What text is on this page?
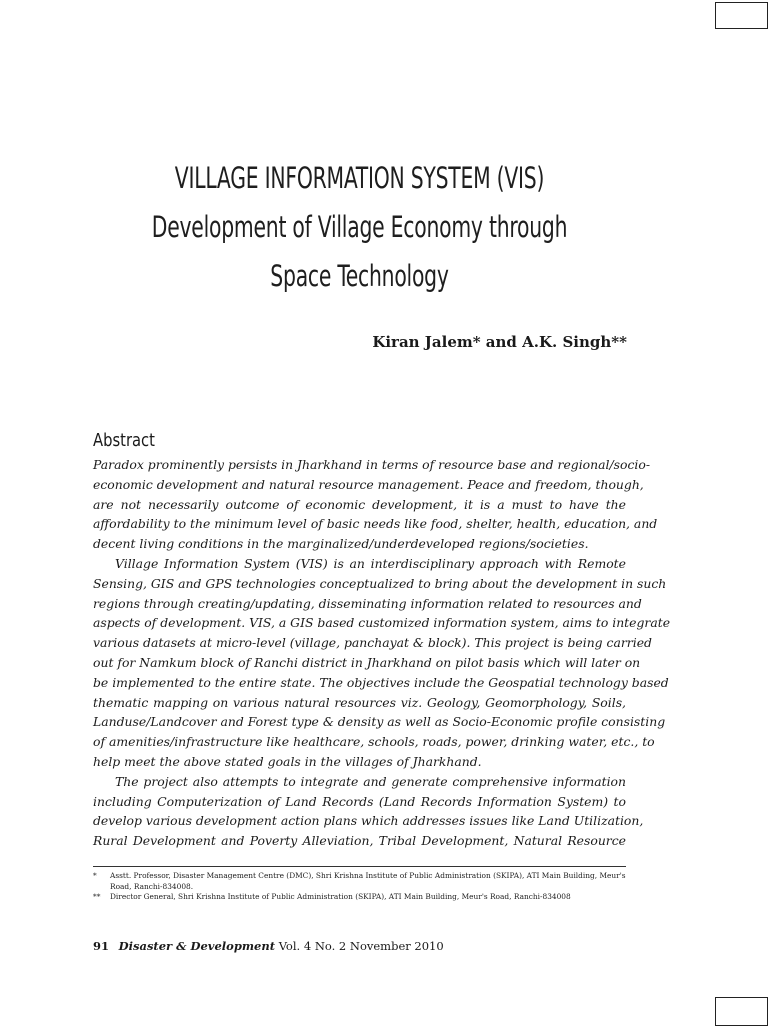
VILLAGE INFORMATION SYSTEM (VIS)
Development of Village Economy through
Space Technology
Kiran Jalem* and A.K. Singh**
Abstract
Paradox prominently persists in Jharkhand in terms of resource base and regional/socio-
economic development and natural resource management. Peace and freedom, though,
are not necessarily outcome of economic development, it is a must to have the
affordability to the minimum level of basic needs like food, shelter, health, education, and
decent living conditions in the marginalized/underdeveloped regions/societies.
Village Information System (VIS) is an interdisciplinary approach with Remote
Sensing, GIS and GPS technologies conceptualized to bring about the development in such
regions through creating/updating, disseminating information related to resources and
aspects of development. VIS, a GIS based customized information system, aims to integrate
various datasets at micro-level (village, panchayat & block). This project is being carried
out for Namkum block of Ranchi district in Jharkhand on pilot basis which will later on
be implemented to the entire state. The objectives include the Geospatial technology based
thematic mapping on various natural resources viz. Geology, Geomorphology, Soils,
Landuse/Landcover and Forest type & density as well as Socio-Economic profile consisting
of amenities/infrastructure like healthcare, schools, roads, power, drinking water, etc., to
help meet the above stated goals in the villages of Jharkhand.
The project also attempts to integrate and generate comprehensive information
including Computerization of Land Records (Land Records Information System) to
develop various development action plans which addresses issues like Land Utilization,
Rural Development and Poverty Alleviation, Tribal Development, Natural Resource
* Asstt. Professor, Disaster Management Centre (DMC), Shri Krishna Institute of Public Administration (SKIPA), ATI Main Building, Meur's Road, Ranchi-834008.
** Director General, Shri Krishna Institute of Public Administration (SKIPA), ATI Main Building, Meur's Road, Ranchi-834008
91 Disaster & Development Vol. 4 No. 2 November 2010
